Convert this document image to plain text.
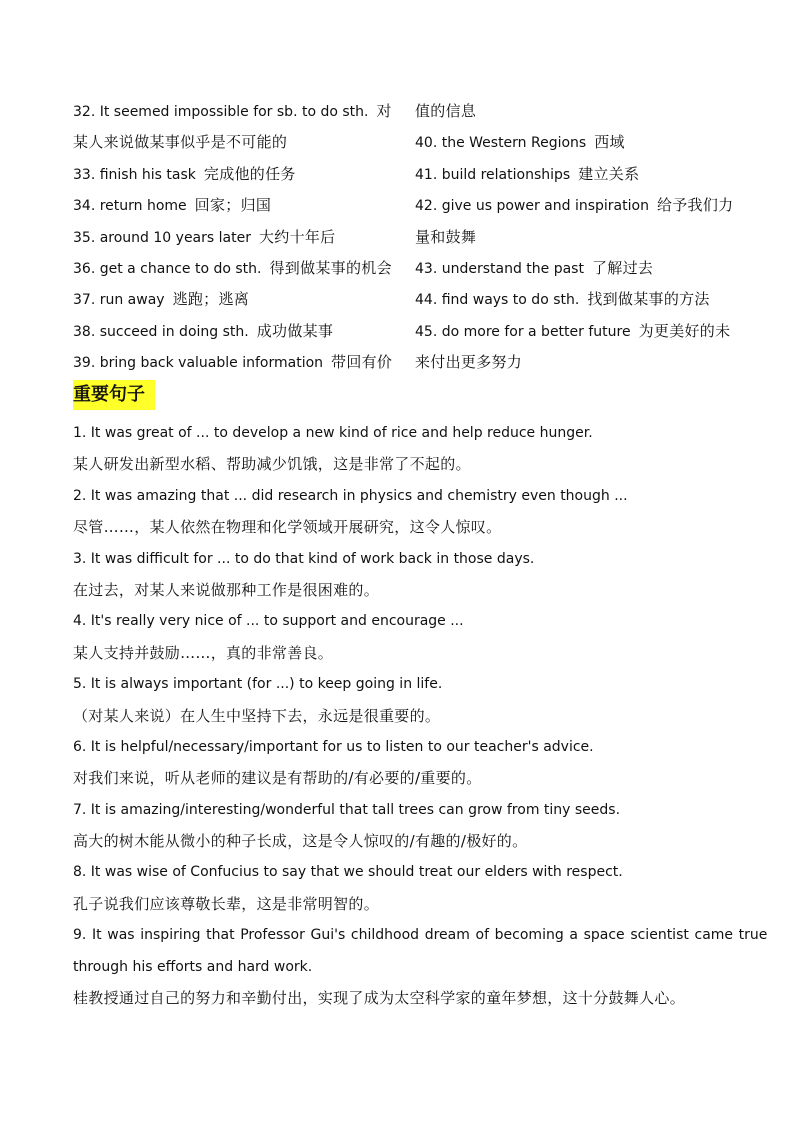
32. It seemed impossible for sb. to do sth. 对
某人来说做某事似乎是不可能的
33. finish his task 完成他的任务
34. return home 回家；归国
35. around 10 years later 大约十年后
36. get a chance to do sth. 得到做某事的机会
37. run away 逃跑；逃离
38. succeed in doing sth. 成功做某事
39. bring back valuable information 带回有价
值的信息
40. the Western Regions 西域
41. build relationships 建立关系
42. give us power and inspiration 给予我们力
量和鼓舞
43. understand the past 了解过去
44. find ways to do sth. 找到做某事的方法
45. do more for a better future 为更美好的未
来付出更多努力
重要句子
1. It was great of ... to develop a new kind of rice and help reduce hunger.
某人研发出新型水稻、帮助减少饥饿，这是非常了不起的。
2. It was amazing that ... did research in physics and chemistry even though ...
尽管……，某人依然在物理和化学领域开展研究，这令人惊叹。
3. It was difficult for ... to do that kind of work back in those days.
在过去，对某人来说做那种工作是很困难的。
4. It's really very nice of ... to support and encourage ...
某人支持并鼓励……，真的非常善良。
5. It is always important (for ...) to keep going in life.
（对某人来说）在人生中坚持下去，永远是很重要的。
6. It is helpful/necessary/important for us to listen to our teacher's advice.
对我们来说，听从老师的建议是有帮助的/有必要的/重要的。
7. It is amazing/interesting/wonderful that tall trees can grow from tiny seeds.
高大的树木能从微小的种子长成，这是令人惊叹的/有趣的/极好的。
8. It was wise of Confucius to say that we should treat our elders with respect.
孔子说我们应该尊敬长辈，这是非常明智的。
9. It was inspiring that Professor Gui's childhood dream of becoming a space scientist came true
through his efforts and hard work.
桂教授通过自己的努力和辛勤付出，实现了成为太空科学家的童年梦想，这十分鼓舞人心。
